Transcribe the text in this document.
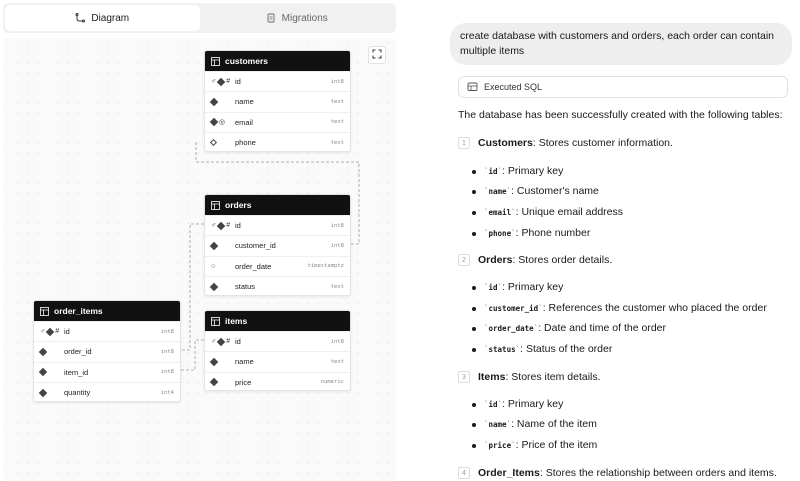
Diagram	Migrations
customers
♂ # id	int8
name	text
◎ email	text
phone	text
orders
♂ # id	int8
customer_id	int8
○	order_date	timestamptz
status	text
items
♂ # id	int8
name	text
price	numeric
order_items
♂ # id	int8
order_id	int8
item_id	int8
quantity	int4
create database with customers and orders, each order can contain multiple items
Executed SQL
The database has been successfully created with the following tables:
1	Customers : Stores customer information.
` id ` : Primary key
` name ` : Customer's name
` email ` : Unique email address
` phone ` : Phone number
2	Orders : Stores order details.
` id ` : Primary key
` customer_id ` : References the customer who placed the order
` order_date ` : Date and time of the order
` status ` : Status of the order
3	Items : Stores item details.
` id ` : Primary key
` name ` : Name of the item
` price ` : Price of the item
4	Order_Items : Stores the relationship between orders and items.
